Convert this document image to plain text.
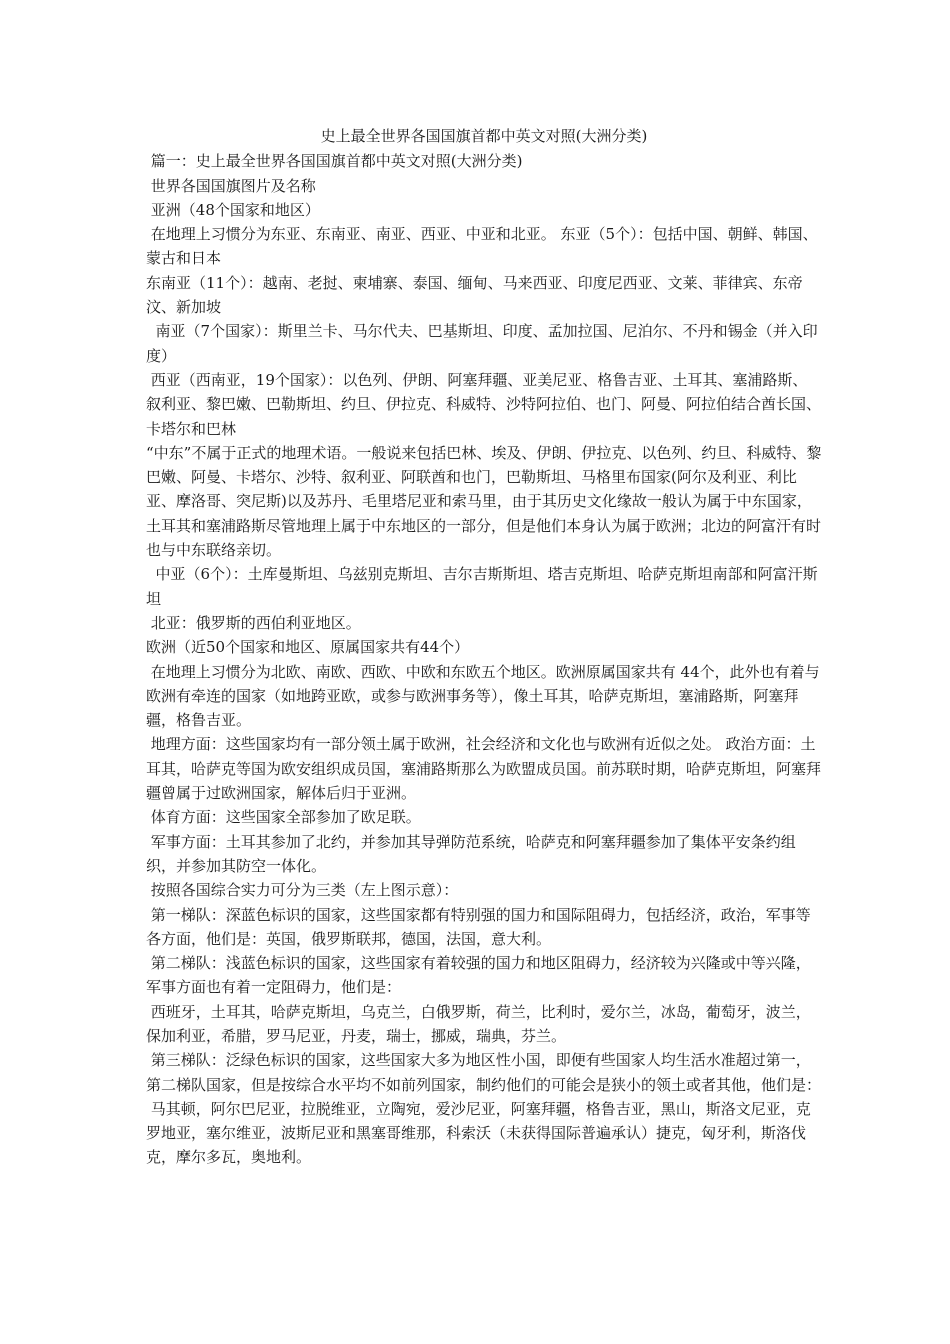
史上最全世界各国国旗首都中英文对照(大洲分类)

篇一：史上最全世界各国国旗首都中英文对照(大洲分类)

世界各国国旗图片及名称

亚洲（48个国家和地区）

在地理上习惯分为东亚、东南亚、南亚、西亚、中亚和北亚。 东亚（5个）：包括中国、朝鲜、韩国、蒙古和日本

东南亚（11个）：越南、老挝、柬埔寨、泰国、缅甸、马来西亚、印度尼西亚、文莱、菲律宾、东帝汶、新加坡

南亚（7个国家）：斯里兰卡、马尔代夫、巴基斯坦、印度、孟加拉国、尼泊尔、不丹和锡金（并入印度）

西亚（西南亚，19个国家）：以色列、伊朗、阿塞拜疆、亚美尼亚、格鲁吉亚、土耳其、塞浦路斯、叙利亚、黎巴嫩、巴勒斯坦、约旦、伊拉克、科威特、沙特阿拉伯、也门、阿曼、阿拉伯结合酋长国、卡塔尔和巴林

“中东”不属于正式的地理术语。一般说来包括巴林、埃及、伊朗、伊拉克、以色列、约旦、科威特、黎巴嫩、阿曼、卡塔尔、沙特、叙利亚、阿联酋和也门，巴勒斯坦、马格里布国家(阿尔及利亚、利比亚、摩洛哥、突尼斯)以及苏丹、毛里塔尼亚和索马里，由于其历史文化缘故一般认为属于中东国家，土耳其和塞浦路斯尽管地理上属于中东地区的一部分，但是他们本身认为属于欧洲；北边的阿富汗有时也与中东联络亲切。

中亚（6个）：土库曼斯坦、乌兹别克斯坦、吉尔吉斯斯坦、塔吉克斯坦、哈萨克斯坦南部和阿富汗斯坦

北亚：俄罗斯的西伯利亚地区。

欧洲（近50个国家和地区、原属国家共有44个）

在地理上习惯分为北欧、南欧、西欧、中欧和东欧五个地区。欧洲原属国家共有 44个，此外也有着与欧洲有牵连的国家（如地跨亚欧，或参与欧洲事务等），像土耳其，哈萨克斯坦，塞浦路斯，阿塞拜疆，格鲁吉亚。

地理方面：这些国家均有一部分领土属于欧洲，社会经济和文化也与欧洲有近似之处。 政治方面：土耳其，哈萨克等国为欧安组织成员国，塞浦路斯那么为欧盟成员国。前苏联时期，哈萨克斯坦，阿塞拜疆曾属于过欧洲国家，解体后归于亚洲。

体育方面：这些国家全部参加了欧足联。

军事方面：土耳其参加了北约，并参加其导弹防范系统，哈萨克和阿塞拜疆参加了集体平安条约组织，并参加其防空一体化。

按照各国综合实力可分为三类（左上图示意）：

第一梯队：深蓝色标识的国家，这些国家都有特别强的国力和国际阻碍力，包括经济，政治，军事等各方面，他们是：英国，俄罗斯联邦，德国，法国，意大利。

第二梯队：浅蓝色标识的国家，这些国家有着较强的国力和地区阻碍力，经济较为兴隆或中等兴隆，军事方面也有着一定阻碍力，他们是：

西班牙，土耳其，哈萨克斯坦，乌克兰，白俄罗斯，荷兰，比利时，爱尔兰，冰岛，葡萄牙，波兰，保加利亚，希腊，罗马尼亚，丹麦，瑞士，挪威，瑞典，芬兰。

第三梯队：泛绿色标识的国家，这些国家大多为地区性小国，即便有些国家人均生活水准超过第一，第二梯队国家，但是按综合水平均不如前列国家，制约他们的可能会是狭小的领土或者其他，他们是：

马其顿，阿尔巴尼亚，拉脱维亚，立陶宛，爱沙尼亚，阿塞拜疆，格鲁吉亚，黑山，斯洛文尼亚，克罗地亚，塞尔维亚，波斯尼亚和黑塞哥维那，科索沃（未获得国际普遍承认）捷克，匈牙利，斯洛伐克，摩尔多瓦，奥地利。
